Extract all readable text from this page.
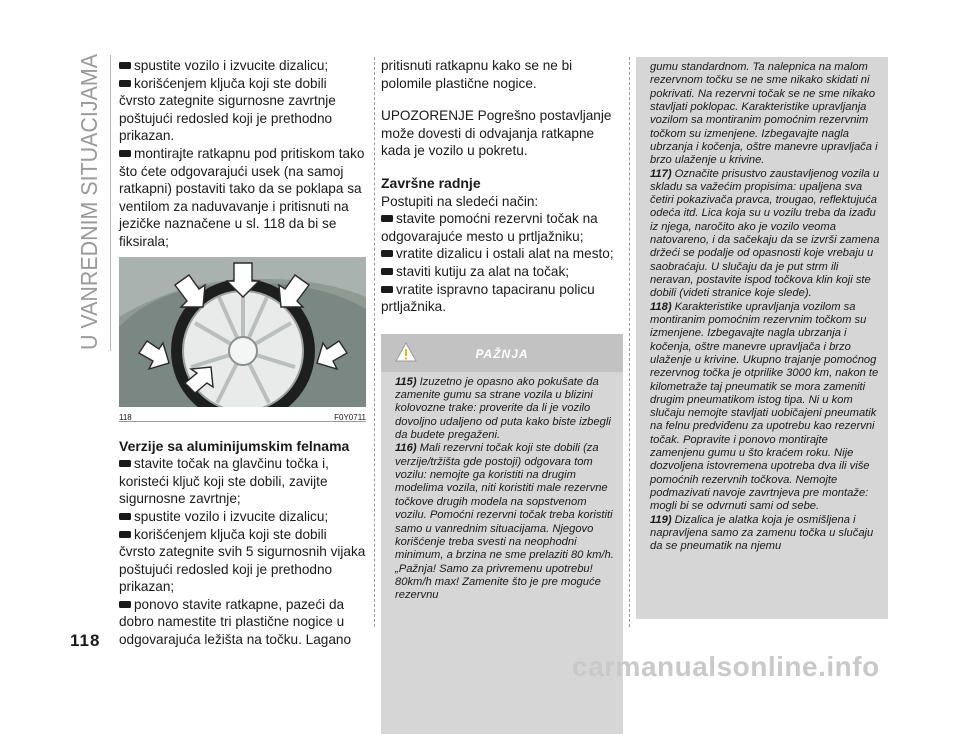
U VANREDNIM SITUACIJAMA	spustite vozilo i izvucite dizalicu;

korišćenjem ključa koji ste dobili čvrsto zategnite sigurnosne zavrtnje poštujući redosled koji je prethodno prikazan.

montirajte ratkapnu pod pritiskom tako što ćete odgovarajući usek (na samoj ratkapni) postaviti tako da se poklapa sa ventilom za naduvavanje i pritisnuti na jezičke naznačene u sl. 118 da bi se fiksirala;

118	F0Y0711

Verzije sa aluminijumskim felnama

stavite točak na glavčinu točka i, koristeći ključ koji ste dobili, zavijte sigurnosne zavrtnje;

spustite vozilo i izvucite dizalicu;

korišćenjem ključa koji ste dobili čvrsto zategnite svih 5 sigurnosnih vijaka poštujući redosled koji je prethodno prikazan;

ponovo stavite ratkapne, pazeći da dobro namestite tri plastične nogice u odgovarajuća ležišta na točku. Lagano

pritisnuti ratkapnu kako se ne bi polomile plastične nogice.

UPOZORENJE Pogrešno postavljanje može dovesti di odvajanja ratkapne kada je vozilo u pokretu.

Završne radnje

Postupiti na sledeći način:

stavite pomoćni rezervni točak na odgovarajuće mesto u prtljažniku;

vratite dizalicu i ostali alat na mesto;

staviti kutiju za alat na točak;

vratite ispravno tapaciranu policu prtljažnika.

PAŽNJA

115) Izuzetno je opasno ako pokušate da zamenite gumu sa strane vozila u blizini kolovozne trake: proverite da li je vozilo dovoljno udaljeno od puta kako biste izbegli da budete pregaženi.

116) Mali rezervni točak koji ste dobili (za verzije/tržišta gde postoji) odgovara tom vozilu: nemojte ga koristiti na drugim modelima vozila, niti koristiti male rezervne točkove drugih modela na sopstvenom vozilu. Pomoćni rezervni točak treba koristiti samo u vanrednim situacijama. Njegovo korišćenje treba svesti na neophodni minimum, a brzina ne sme prelaziti 80 km/h. „Pažnja! Samo za privremenu upotrebu! 80km/h max! Zamenite što je pre moguće rezervnu

gumu standardnom. Ta nalepnica na malom rezervnom točku se ne sme nikako skidati ni pokrivati. Na rezervni točak se ne sme nikako stavljati poklopac. Karakteristike upravljanja vozilom sa montiranim pomoćnim rezervnim točkom su izmenjene. Izbegavajte nagla ubrzanja i kočenja, oštre manevre upravljača i brzo ulaženje u krivine.

117) Označite prisustvo zaustavljenog vozila u skladu sa važećim propisima: upaljena sva četiri pokazivača pravca, trougao, reflektujuća odeća itd. Lica koja su u vozilu treba da izađu iz njega, naročito ako je vozilo veoma natovareno, i da sačekaju da se izvrši zamena držeći se podalje od opasnosti koje vrebaju u saobraćaju. U slučaju da je put strm ili neravan, postavite ispod točkova klin koji ste dobili (videti stranice koje slede).

118) Karakteristike upravljanja vozilom sa montiranim pomoćnim rezervnim točkom su izmenjene. Izbegavajte nagla ubrzanja i kočenja, oštre manevre upravljača i brzo ulaženje u krivine. Ukupno trajanje pomoćnog rezervnog točka je otprilike 3000 km, nakon te kilometraže taj pneumatik se mora zameniti drugim pneumatikom istog tipa. Ni u kom slučaju nemojte stavljati uobičajeni pneumatik na felnu predviđenu za upotrebu kao rezervni točak. Popravite i ponovo montirajte zamenjenu gumu u što kraćem roku. Nije dozvoljena istovremena upotreba dva ili više pomoćnih rezervnih točkova. Nemojte podmazivati navoje zavrtnjeva pre montaže: mogli bi se odvrnuti sami od sebe.

119) Dizalica je alatka koja je osmišljena i napravljena samo za zamenu točka u slučaju da se pneumatik na njemu

118
carmanualsonline.info
